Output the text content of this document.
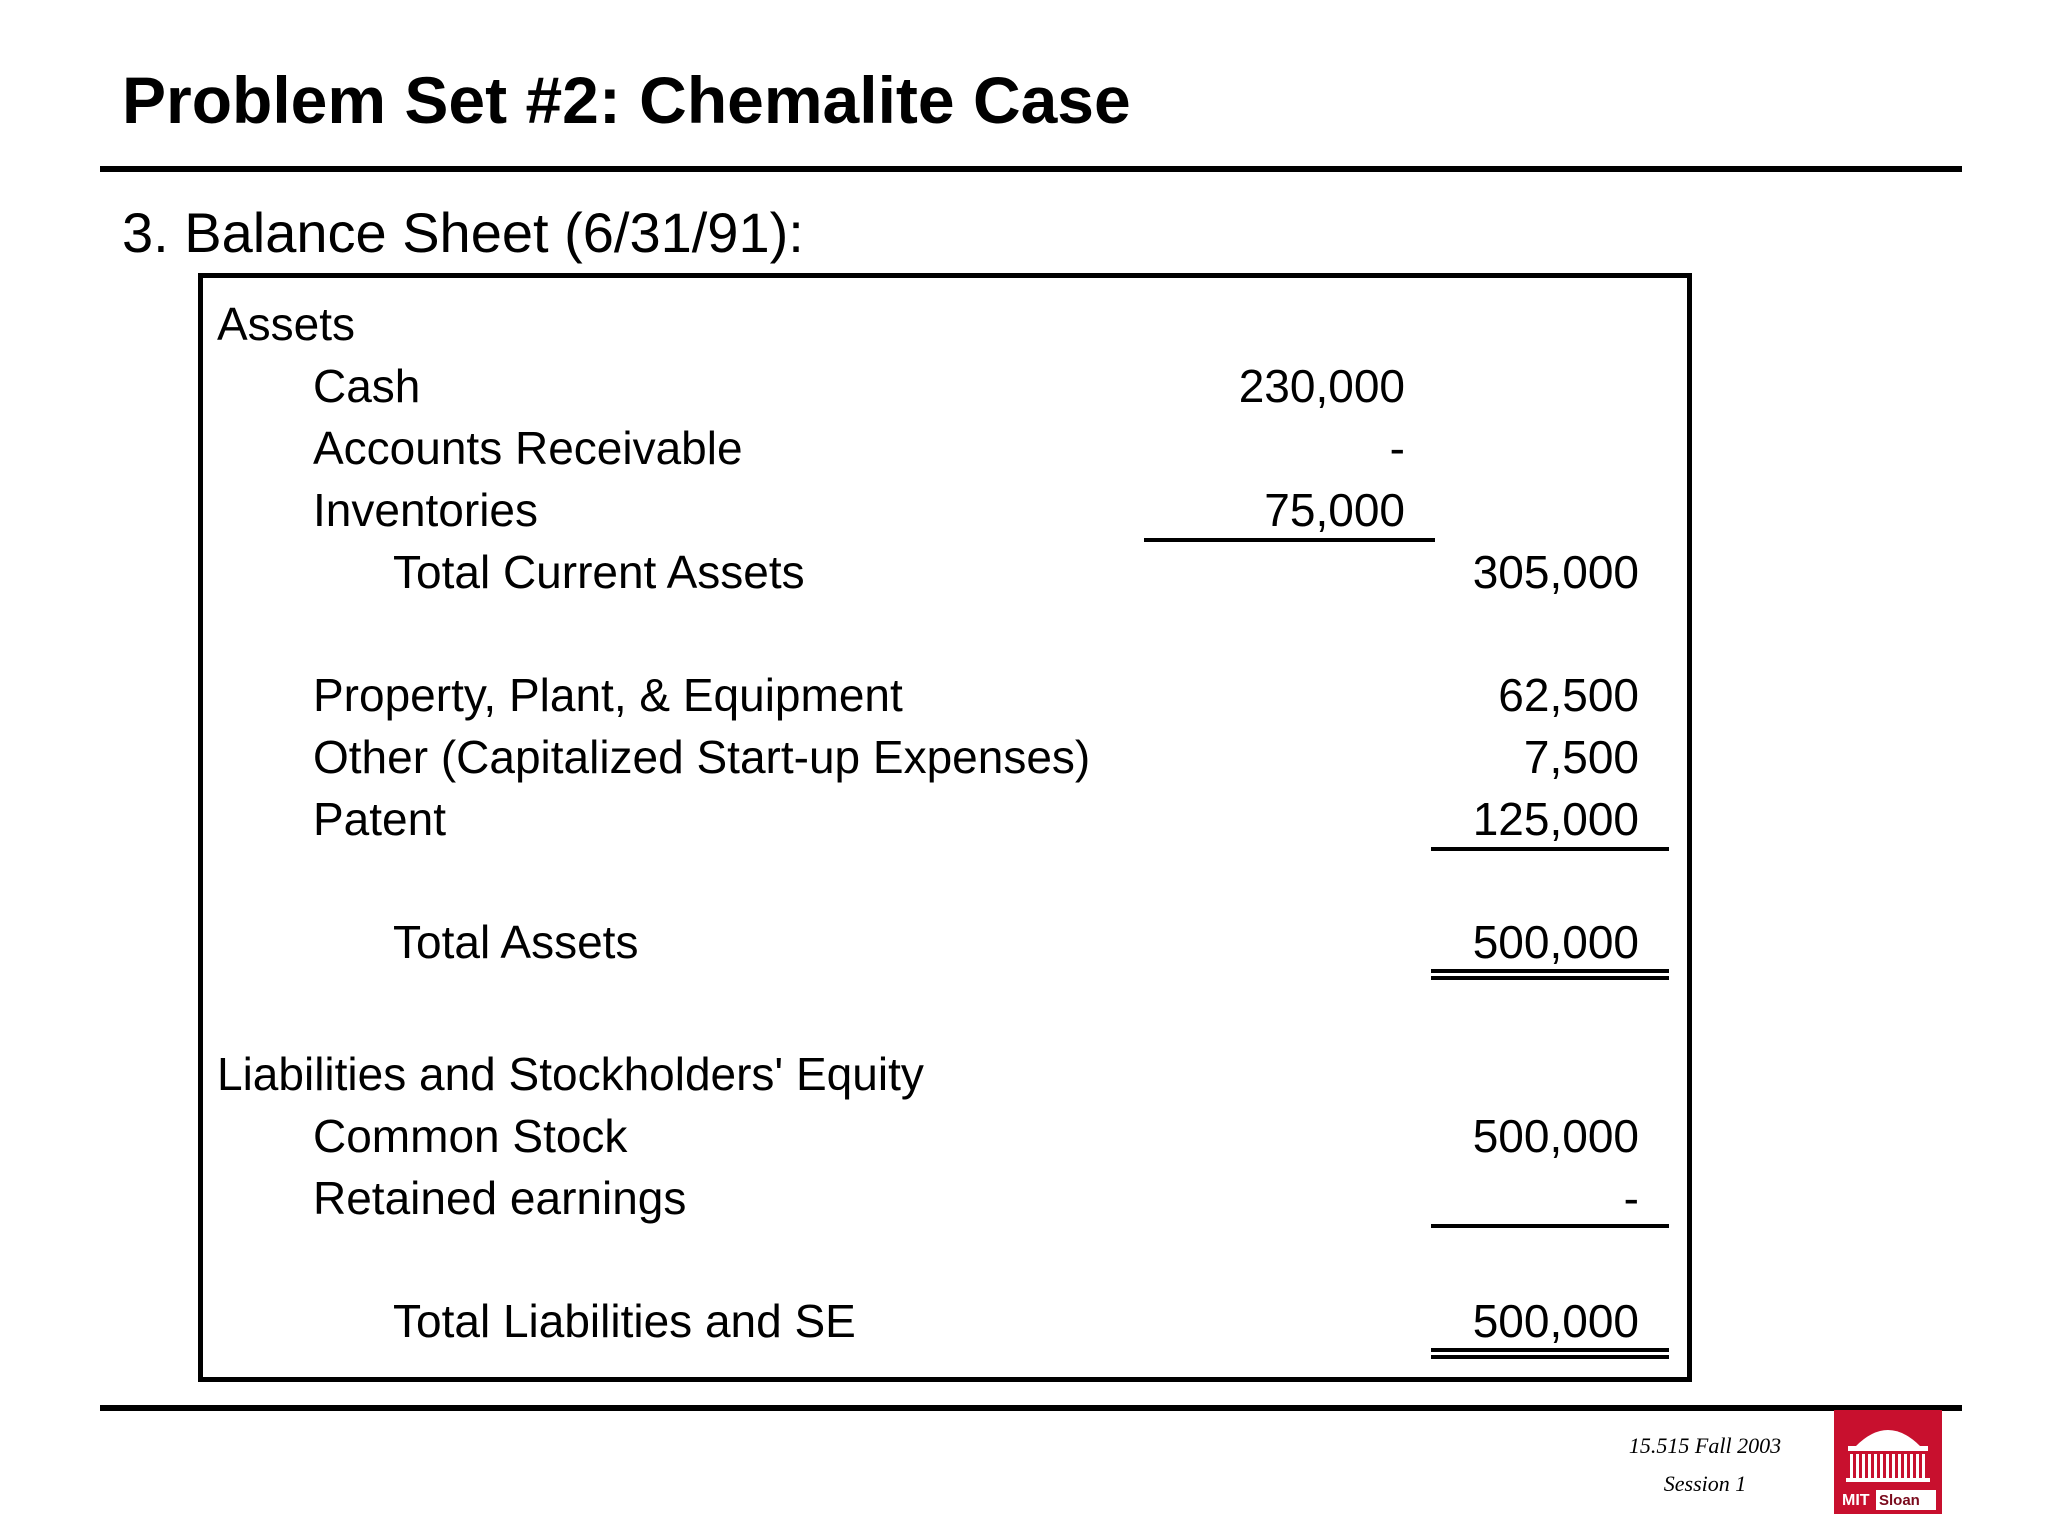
Problem Set #2: Chemalite Case
3. Balance Sheet (6/31/91):
Assets
Cash	230,000
Accounts Receivable	-
Inventories	75,000
Total Current Assets	305,000
Property, Plant, & Equipment	62,500
Other (Capitalized Start-up Expenses)	7,500
Patent	125,000
Total Assets	500,000
Liabilities and Stockholders' Equity
Common Stock	500,000
Retained earnings	-
Total Liabilities and SE	500,000
15.515 Fall 2003
Session 1
MIT Sloan
